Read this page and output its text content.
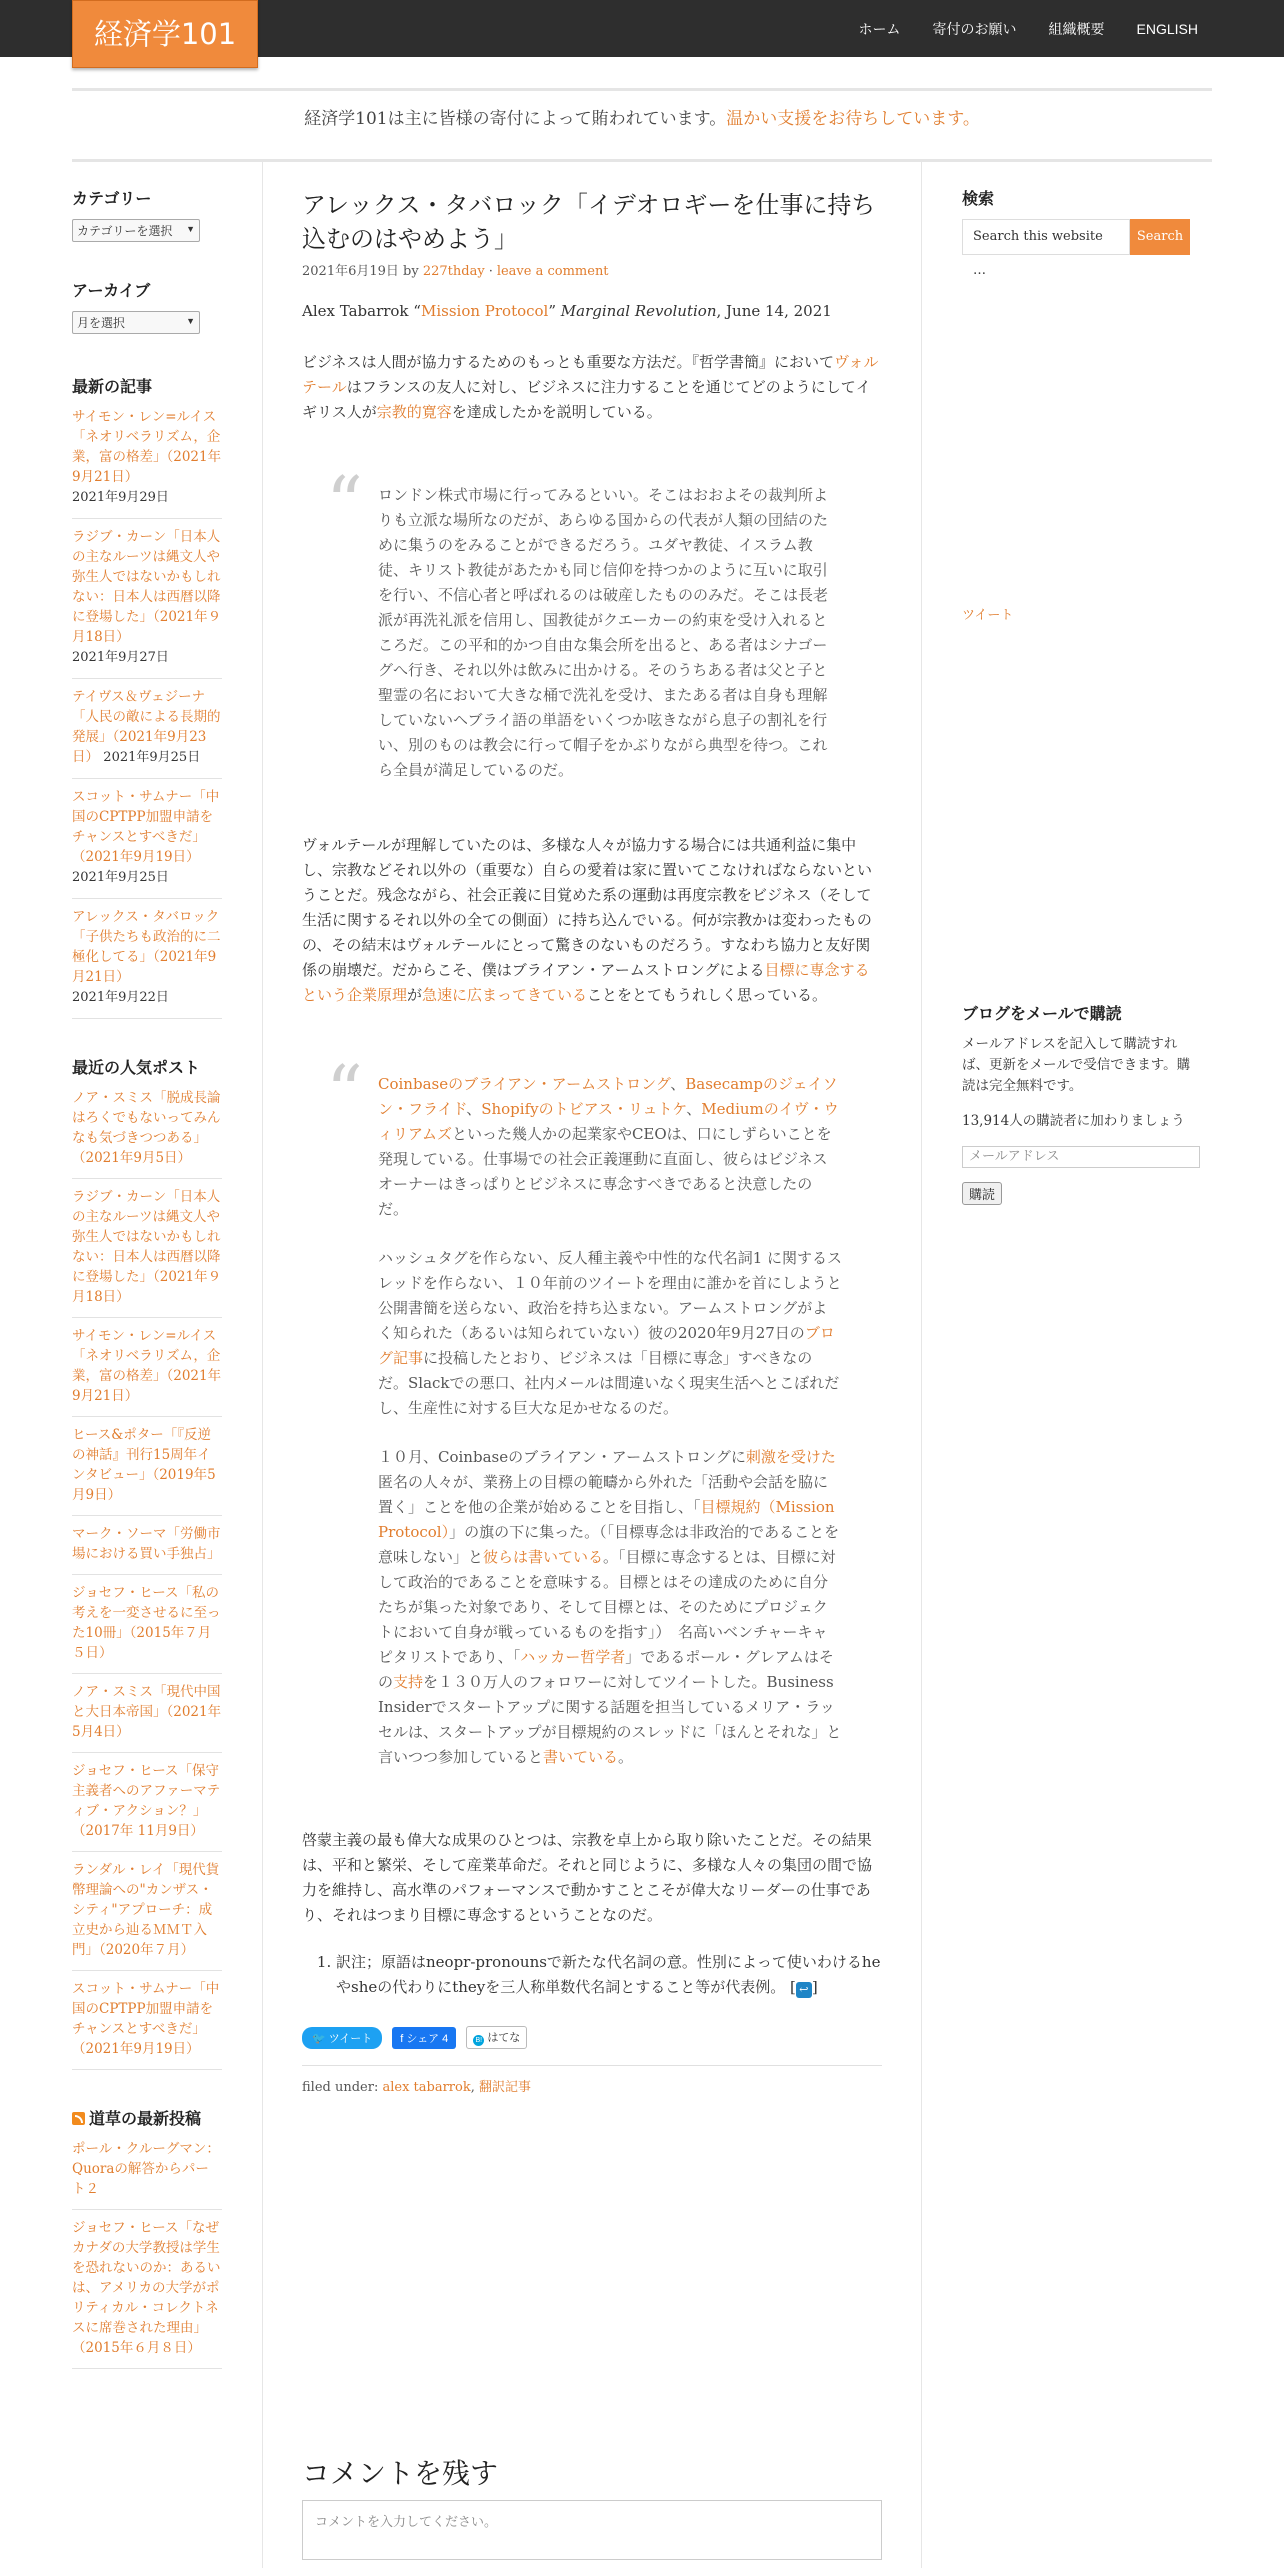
ホーム	寄付のお願い	組織概要	ENGLISH
経済学101
経済学101は主に皆様の寄付によって賄われています。温かい支援をお待ちしています。
カテゴリー
カテゴリーを選択 ▼
アーカイブ
月を選択	▼
最新の記事
サイモン・レン=ルイス「ネオリベラリズム，企業，富の格差」（2021年9月21日）
2021年9月29日
ラジブ・カーン「日本人の主なルーツは縄文人や弥生人ではないかもしれない：日本人は西暦以降に登場した」（2021年９月18日）
2021年9月27日
テイヴス＆ヴェジーナ「人民の敵による長期的発展」（2021年9月23日） 2021年9月25日
スコット・サムナー「中国のCPTPP加盟申請をチャンスとすべきだ」（2021年9月19日）
2021年9月25日
アレックス・タバロック「子供たちも政治的に二極化してる」（2021年9月21日）
2021年9月22日
最近の人気ポスト
ノア・スミス「脱成長論はろくでもないってみんなも気づきつつある」（2021年9月5日）
ラジブ・カーン「日本人の主なルーツは縄文人や弥生人ではないかもしれない：日本人は西暦以降に登場した」（2021年９月18日）
サイモン・レン=ルイス「ネオリベラリズム，企業，富の格差」（2021年9月21日）
ヒース&ポター「『反逆の神話』刊行15周年インタビュー」（2019年5月9日）
マーク・ソーマ「労働市場における買い手独占」
ジョセフ・ヒース「私の考えを一変させるに至った10冊」（2015年７月５日）
ノア・スミス「現代中国と大日本帝国」（2021年5月4日）
ジョセフ・ヒース「保守主義者へのアファーマティブ・アクション？」（2017年 11月9日）
ランダル・レイ「現代貨幣理論への"カンザス・シティ"アプローチ：成立史から辿るＭＭＴ入門」（2020年７月）
スコット・サムナー「中国のCPTPP加盟申請をチャンスとすべきだ」（2021年9月19日）
道草の最新投稿
ポール・クルーグマン：Quoraの解答からパート２
ジョセフ・ヒース「なぜカナダの大学教授は学生を恐れないのか：あるいは、アメリカの大学がポリティカル・コレクトネスに席巻された理由」（2015年６月８日）
アレックス・タバロック「イデオロギーを仕事に持ち込むのはやめよう」
2021年6月19日 by 227thday · leave a comment
Alex Tabarrok “Mission Protocol” Marginal Revolution, June 14, 2021
ビジネスは人間が協力するためのもっとも重要な方法だ。『哲学書簡』においてヴォルテールはフランスの友人に対し、ビジネスに注力することを通じてどのようにしてイギリス人が宗教的寛容を達成したかを説明している。
“ ロンドン株式市場に行ってみるといい。そこはおおよその裁判所よりも立派な場所なのだが、あらゆる国からの代表が人類の団結のために集うのをみることができるだろう。ユダヤ教徒、イスラム教徒、キリスト教徒があたかも同じ信仰を持つかのように互いに取引を行い、不信心者と呼ばれるのは破産したもののみだ。そこは長老派が再洗礼派を信用し、国教徒がクエーカーの約束を受け入れるところだ。この平和的かつ自由な集会所を出ると、ある者はシナゴーグへ行き、それ以外は飲みに出かける。そのうちある者は父と子と聖霊の名において大きな桶で洗礼を受け、またある者は自身も理解していないヘブライ語の単語をいくつか呟きながら息子の割礼を行い、別のものは教会に行って帽子をかぶりながら典型を待つ。これら全員が満足しているのだ。

ヴォルテールが理解していたのは、多様な人々が協力する場合には共通利益に集中し、宗教などそれ以外の（重要な）自らの愛着は家に置いてこなければならないということだ。残念ながら、社会正義に目覚めた系の運動は再度宗教をビジネス（そして生活に関するそれ以外の全ての側面）に持ち込んでいる。何が宗教かは変わったものの、その結末はヴォルテールにとって驚きのないものだろう。すなわち協力と友好関係の崩壊だ。だからこそ、僕はブライアン・アームストロングによる目標に専念するという企業原理が急速に広まってきていることをとてもうれしく思っている。
“ Coinbaseのブライアン・アームストロング、Basecampのジェイソン・フライド、Shopifyのトビアス・リュトケ、Mediumのイヴ・ウィリアムズといった幾人かの起業家やCEOは、口にしずらいことを発現している。仕事場での社会正義運動に直面し、彼らはビジネスオーナーはきっぱりとビジネスに専念すべきであると決意したのだ。

ハッシュタグを作らない、反人種主義や中性的な代名詞1 に関するスレッドを作らない、１０年前のツイートを理由に誰かを首にしようと公開書簡を送らない、政治を持ち込まない。アームストロングがよく知られた（あるいは知られていない）彼の2020年9月27日のブログ記事に投稿したとおり、ビジネスは「目標に専念」すべきなのだ。Slackでの悪口、社内メールは間違いなく現実生活へとこぼれだし、生産性に対する巨大な足かせなるのだ。

１０月、Coinbaseのブライアン・アームストロングに刺激を受けた匿名の人々が、業務上の目標の範疇から外れた「活動や会話を脇に置く」ことを他の企業が始めることを目指し、「目標規約（Mission Protocol）」の旗の下に集った。（「目標専念は非政治的であることを意味しない」と彼らは書いている。「目標に専念するとは、目標に対して政治的であることを意味する。目標とはその達成のために自分たちが集った対象であり、そして目標とは、そのためにプロジェクトにおいて自身が戦っているものを指す」）　名高いベンチャーキャピタリストであり、「ハッカー哲学者」であるポール・グレアムはその支持を１３０万人のフォロワーに対してツイートした。Business Insiderでスタートアップに関する話題を担当しているメリア・ラッセルは、スタートアップが目標規約のスレッドに「ほんとそれな」と言いつつ参加していると書いている。

啓蒙主義の最も偉大な成果のひとつは、宗教を卓上から取り除いたことだ。その結果は、平和と繁栄、そして産業革命だ。それと同じように、多様な人々の集団の間で協力を維持し、高水準のパフォーマンスで動かすことこそが偉大なリーダーの仕事であり、それはつまり目標に専念するということなのだ。
1. 訳注；原語はneopr-pronounsで新たな代名詞の意。性別によって使いわけるheやsheの代わりにtheyを三人称単数代名詞とすること等が代表例。 [ ↩ ]
🐦 ツイート	f シェア 4	B! はてな
filed under: alex tabarrok, 翻訳記事
コメントを残す
コメントを入力してください。
検索
Search this website …
Search
ツイート
ブログをメールで購読
メールアドレスを記入して購読すれば、更新をメールで受信できます。購読は完全無料です。
13,914人の購読者に加わりましょう
メールアドレス
購読
